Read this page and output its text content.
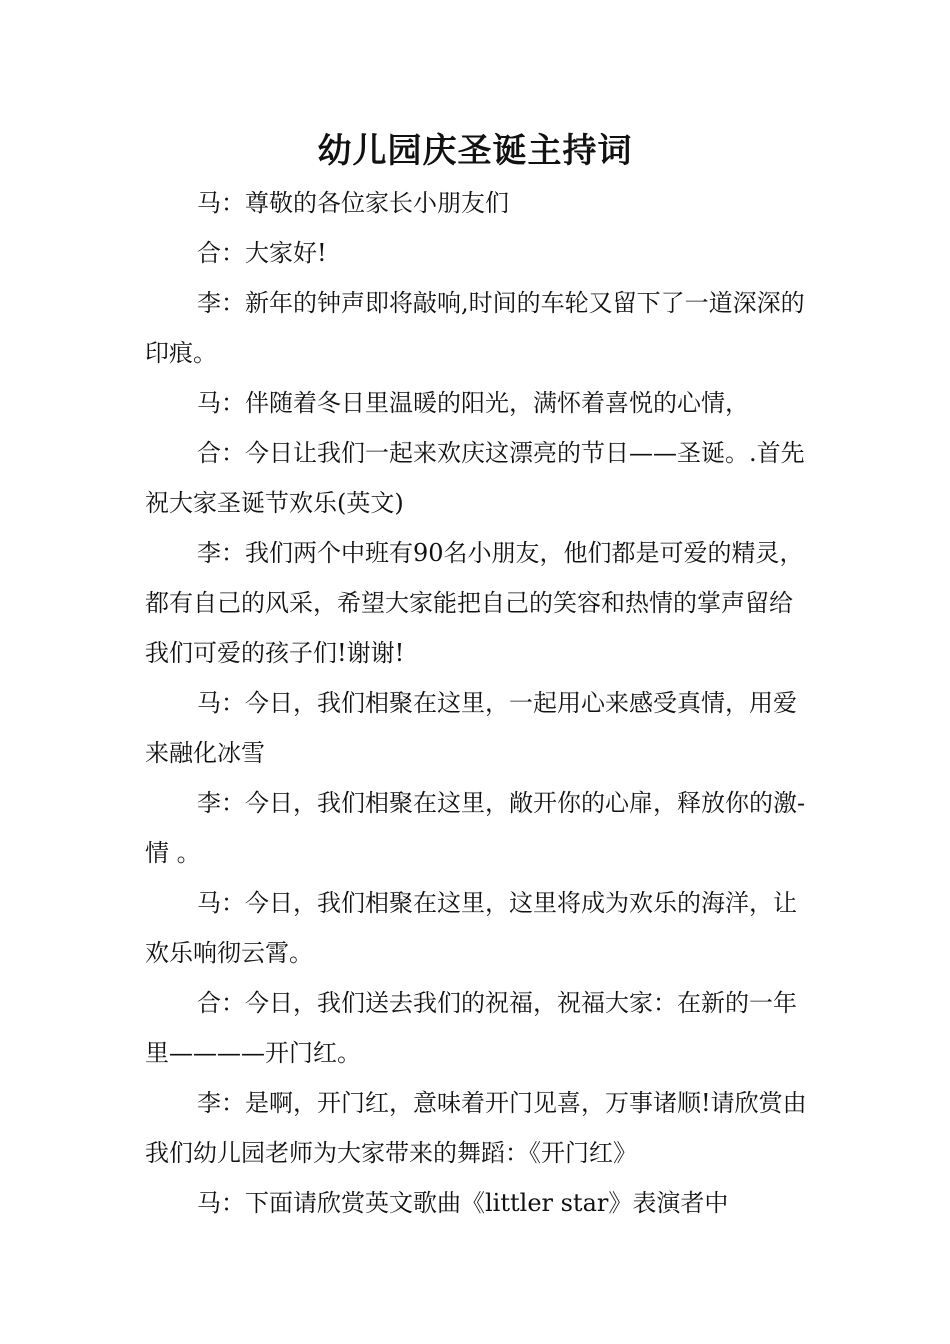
幼儿园庆圣诞主持词

马：尊敬的各位家长小朋友们

合：大家好!

李：新年的钟声即将敲响,时间的车轮又留下了一道深深的印痕。

马：伴随着冬日里温暖的阳光，满怀着喜悦的心情，

合：今日让我们一起来欢庆这漂亮的节日——圣诞。.首先祝大家圣诞节欢乐(英文)

李：我们两个中班有90名小朋友，他们都是可爱的精灵，都有自己的风采，希望大家能把自己的笑容和热情的掌声留给我们可爱的孩子们!谢谢!

马：今日，我们相聚在这里，一起用心来感受真情，用爱来融化冰雪

李：今日，我们相聚在这里，敞开你的心扉，释放你的激-情 。

马：今日，我们相聚在这里，这里将成为欢乐的海洋，让欢乐响彻云霄。

合：今日，我们送去我们的祝福，祝福大家：在新的一年里————开门红。

李：是啊，开门红，意味着开门见喜，万事诸顺!请欣赏由我们幼儿园老师为大家带来的舞蹈：《开门红》

马：下面请欣赏英文歌曲《littler star》表演者中
